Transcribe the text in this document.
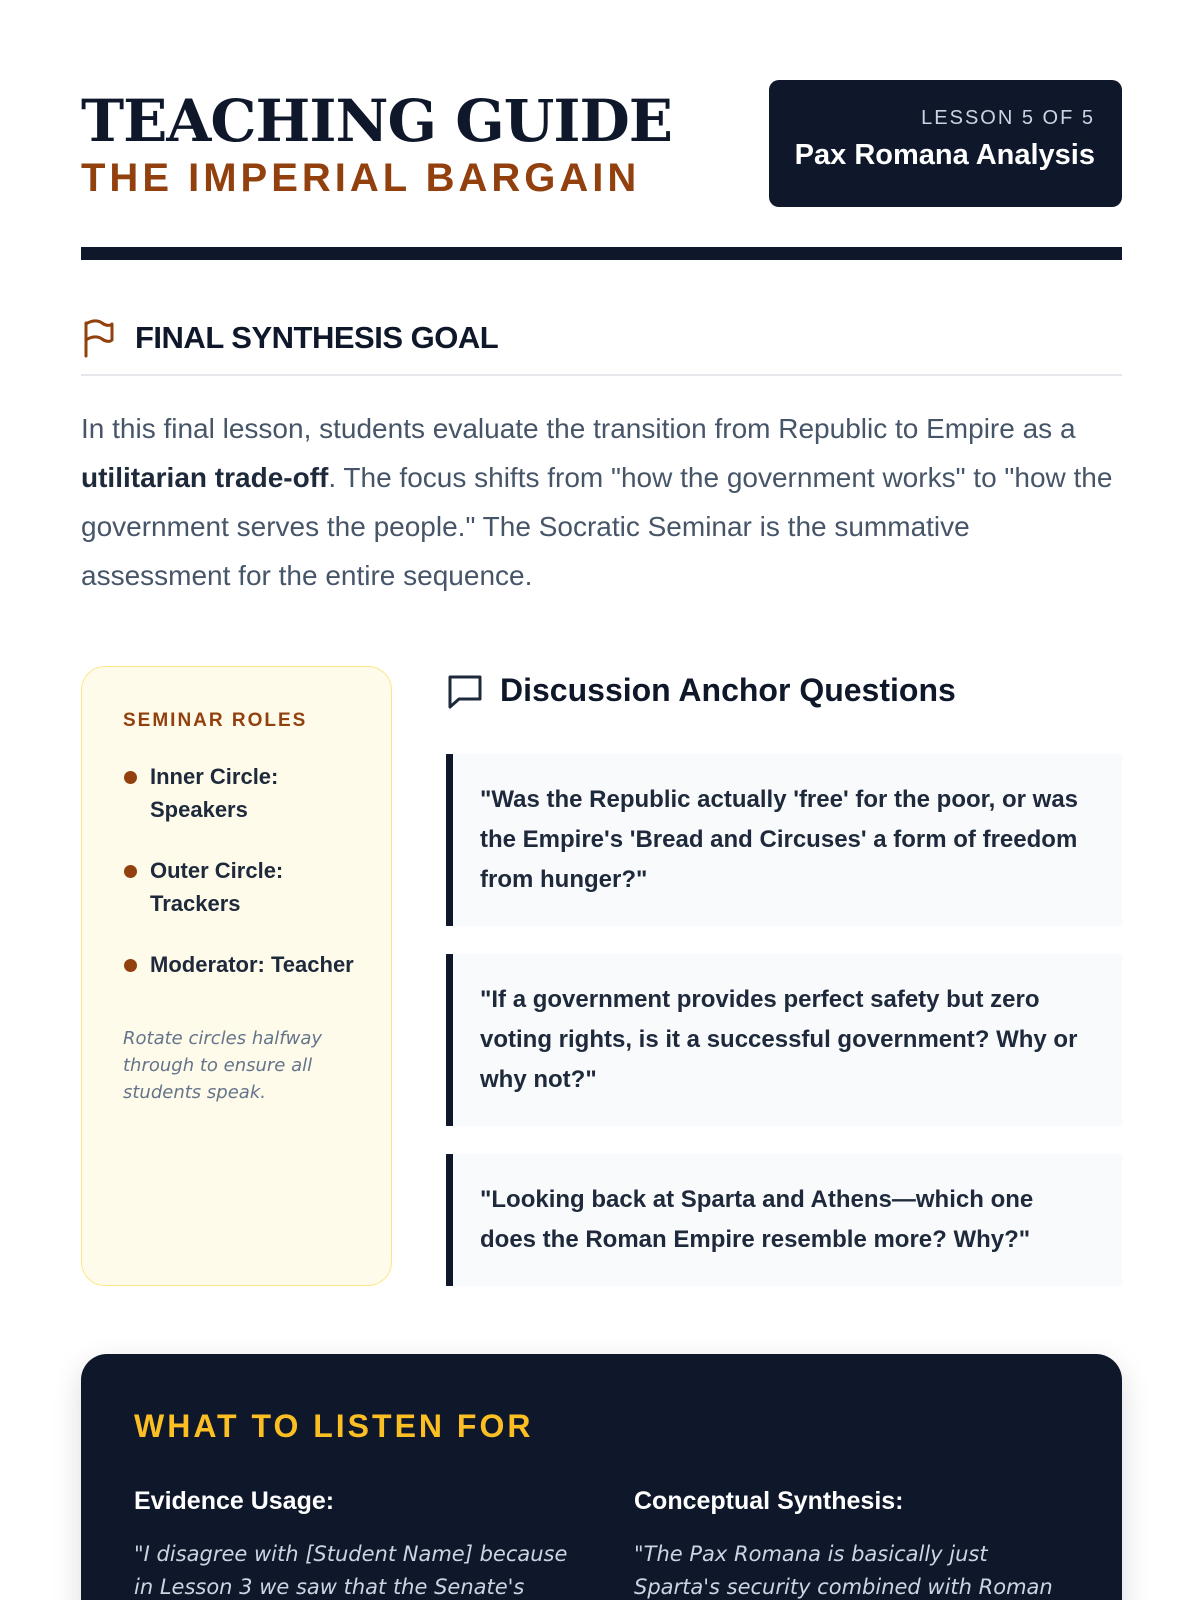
TEACHING GUIDE
THE IMPERIAL BARGAIN
LESSON 5 OF 5
Pax Romana Analysis
FINAL SYNTHESIS GOAL

In this final lesson, students evaluate the transition from Republic to Empire as a utilitarian trade-off. The focus shifts from "how the government works" to "how the government serves the people." The Socratic Seminar is the summative assessment for the entire sequence.

SEMINAR ROLES
Inner Circle: Speakers
Outer Circle: Trackers
Moderator: Teacher
Rotate circles halfway through to ensure all students speak.
Discussion Anchor Questions
"Was the Republic actually 'free' for the poor, or was the Empire's 'Bread and Circuses' a form of freedom from hunger?"
"If a government provides perfect safety but zero voting rights, is it a successful government? Why or why not?"
"Looking back at Sparta and Athens—which one does the Roman Empire resemble more? Why?"
WHAT TO LISTEN FOR
Evidence Usage:
"I disagree with [Student Name] because in Lesson 3 we saw that the Senate's
Conceptual Synthesis:
"The Pax Romana is basically just Sparta's security combined with Roman
